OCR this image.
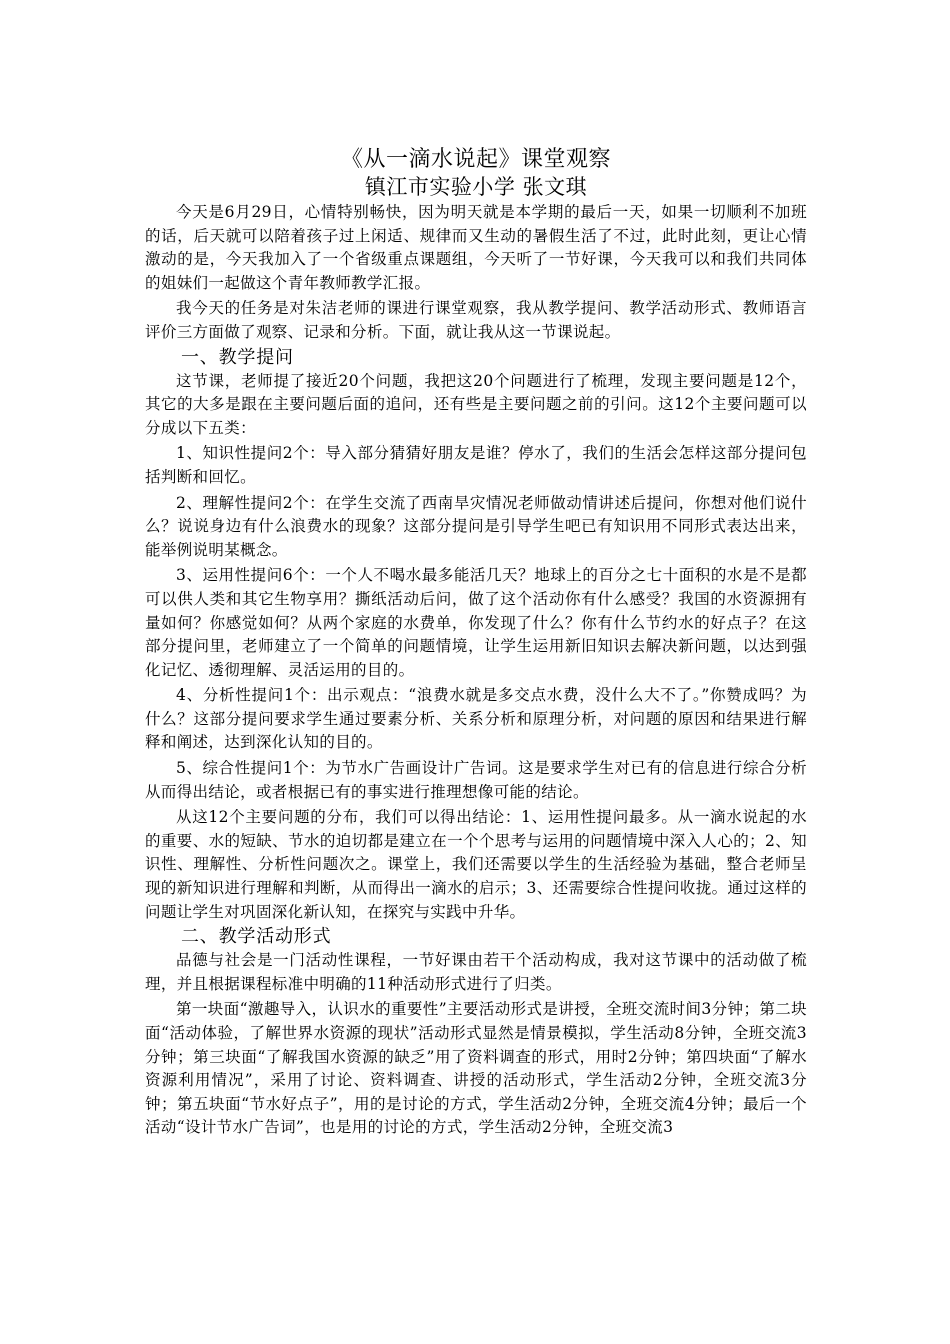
《从一滴水说起》课堂观察

镇江市实验小学 张文琪

今天是6月29日，心情特别畅快，因为明天就是本学期的最后一天，如果一切顺利不加班的话，后天就可以陪着孩子过上闲适、规律而又生动的暑假生活了不过，此时此刻，更让心情激动的是，今天我加入了一个省级重点课题组，今天听了一节好课，今天我可以和我们共同体的姐妹们一起做这个青年教师教学汇报。

我今天的任务是对朱洁老师的课进行课堂观察，我从教学提问、教学活动形式、教师语言评价三方面做了观察、记录和分析。下面，就让我从这一节课说起。

一、教学提问

这节课，老师提了接近20个问题，我把这20个问题进行了梳理，发现主要问题是12个，其它的大多是跟在主要问题后面的追问，还有些是主要问题之前的引问。这12个主要问题可以分成以下五类：

1、知识性提问2个：导入部分猜猜好朋友是谁？停水了，我们的生活会怎样这部分提问包括判断和回忆。

2、理解性提问2个：在学生交流了西南旱灾情况老师做动情讲述后提问，你想对他们说什么？说说身边有什么浪费水的现象？这部分提问是引导学生吧已有知识用不同形式表达出来，能举例说明某概念。

3、运用性提问6个：一个人不喝水最多能活几天？地球上的百分之七十面积的水是不是都可以供人类和其它生物享用？撕纸活动后问，做了这个活动你有什么感受？我国的水资源拥有量如何？你感觉如何？从两个家庭的水费单，你发现了什么？你有什么节约水的好点子？在这部分提问里，老师建立了一个简单的问题情境，让学生运用新旧知识去解决新问题，以达到强化记忆、透彻理解、灵活运用的目的。

4、分析性提问1个：出示观点：“浪费水就是多交点水费，没什么大不了。”你赞成吗？为什么？这部分提问要求学生通过要素分析、关系分析和原理分析，对问题的原因和结果进行解释和阐述，达到深化认知的目的。

5、综合性提问1个：为节水广告画设计广告词。这是要求学生对已有的信息进行综合分析从而得出结论，或者根据已有的事实进行推理想像可能的结论。

从这12个主要问题的分布，我们可以得出结论：1、运用性提问最多。从一滴水说起的水的重要、水的短缺、节水的迫切都是建立在一个个思考与运用的问题情境中深入人心的；2、知识性、理解性、分析性问题次之。课堂上，我们还需要以学生的生活经验为基础，整合老师呈现的新知识进行理解和判断，从而得出一滴水的启示；3、还需要综合性提问收拢。通过这样的问题让学生对巩固深化新认知，在探究与实践中升华。

二、教学活动形式

品德与社会是一门活动性课程，一节好课由若干个活动构成，我对这节课中的活动做了梳理，并且根据课程标准中明确的11种活动形式进行了归类。

第一块面“激趣导入，认识水的重要性”主要活动形式是讲授，全班交流时间3分钟；第二块面“活动体验，了解世界水资源的现状”活动形式显然是情景模拟，学生活动8分钟，全班交流3分钟；第三块面“了解我国水资源的缺乏”用了资料调查的形式，用时2分钟；第四块面“了解水资源利用情况”，采用了讨论、资料调查、讲授的活动形式，学生活动2分钟，全班交流3分钟；第五块面“节水好点子”，用的是讨论的方式，学生活动2分钟，全班交流4分钟；最后一个活动“设计节水广告词”，也是用的讨论的方式，学生活动2分钟，全班交流3
